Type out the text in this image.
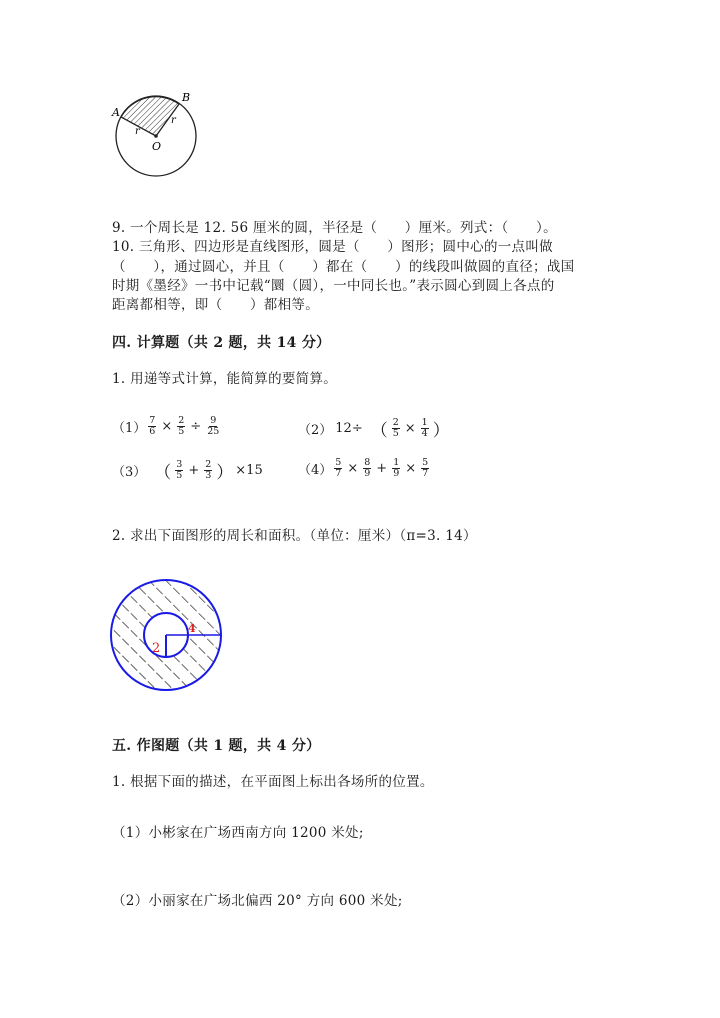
A
B
O
r
r
9. 一个周长是 12. 56 厘米的圆，半径是（　　）厘米。列式：（　　）。
10. 三角形、四边形是直线图形，圆是（　　）图形；圆中心的一点叫做
（　　），通过圆心，并且（　　）都在（　　）的线段叫做圆的直径；战国
时期《墨经》一书中记载“圜（圆），一中同长也。”表示圆心到圆上各点的
距离都相等，即（　　）都相等。
四. 计算题（共 2 题，共 14 分）
1. 用递等式计算，能简算的要简算。
$(1) \frac{7}{6} \times \frac{2}{5} \div \frac{9}{25}$	（2） 12÷ （ $\frac{2}{5} \times \frac{1}{4}$ ）
（3） （ $\frac{3}{5} + \frac{2}{3}$ ） ×15	$(4) \frac{5}{7} \times \frac{8}{9} + \frac{1}{9} \times \frac{5}{7}$
2. 求出下面图形的周长和面积。（单位：厘米）（π=3. 14）
2
4
五. 作图题（共 1 题，共 4 分）
1. 根据下面的描述，在平面图上标出各场所的位置。
（1）小彬家在广场西南方向 1200 米处;
（2）小丽家在广场北偏西 20° 方向 600 米处;
